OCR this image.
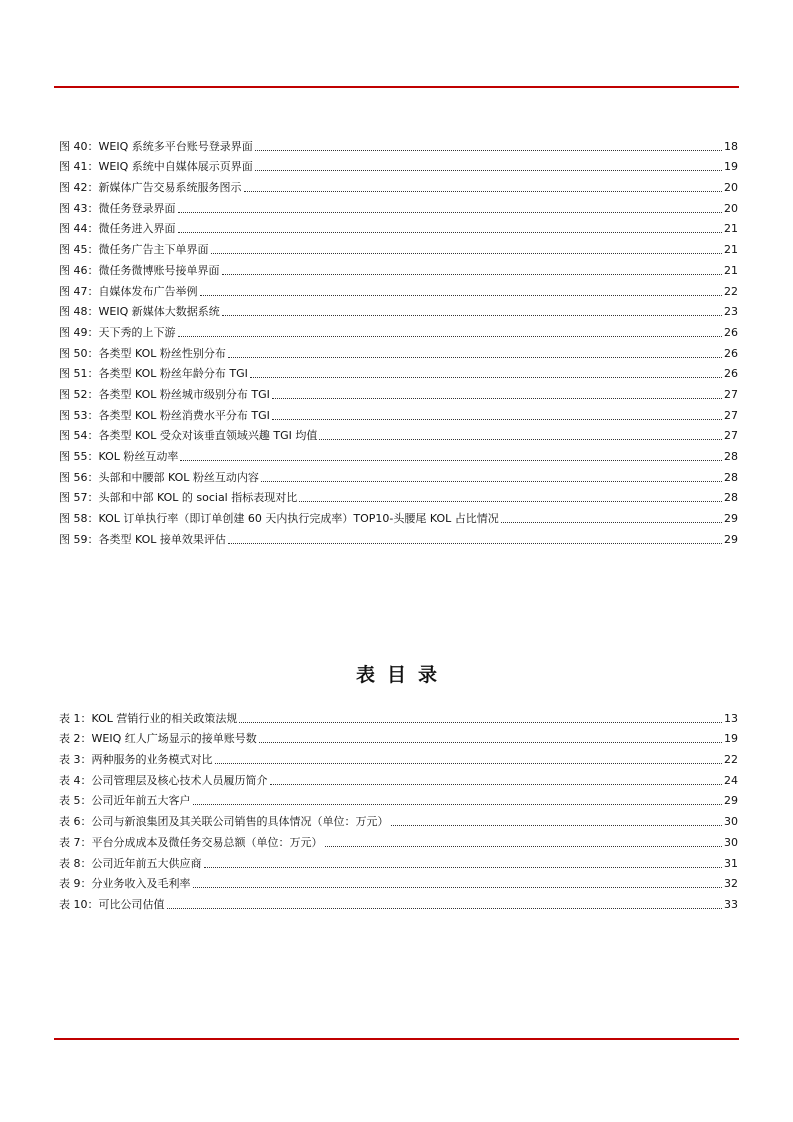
图 40：WEIQ 系统多平台账号登录界面	18
图 41：WEIQ 系统中自媒体展示页界面	19
图 42：新媒体广告交易系统服务图示	20
图 43：微任务登录界面	20
图 44：微任务进入界面	21
图 45：微任务广告主下单界面	21
图 46：微任务微博账号接单界面	21
图 47：自媒体发布广告举例	22
图 48：WEIQ 新媒体大数据系统	23
图 49：天下秀的上下游	26
图 50：各类型 KOL 粉丝性别分布	26
图 51：各类型 KOL 粉丝年龄分布 TGI	26
图 52：各类型 KOL 粉丝城市级别分布 TGI	27
图 53：各类型 KOL 粉丝消费水平分布 TGI	27
图 54：各类型 KOL 受众对该垂直领域兴趣 TGI 均值	27
图 55：KOL 粉丝互动率	28
图 56：头部和中腰部 KOL 粉丝互动内容	28
图 57：头部和中部 KOL 的 social 指标表现对比	28
图 58：KOL 订单执行率（即订单创建 60 天内执行完成率）TOP10-头腰尾 KOL 占比情况	29
图 59：各类型 KOL 接单效果评估	29
表目录
表 1：KOL 营销行业的相关政策法规	13
表 2：WEIQ 红人广场显示的接单账号数	19
表 3：两种服务的业务模式对比	22
表 4：公司管理层及核心技术人员履历简介	24
表 5：公司近年前五大客户	29
表 6：公司与新浪集团及其关联公司销售的具体情况（单位：万元）	30
表 7：平台分成成本及微任务交易总额（单位：万元）	30
表 8：公司近年前五大供应商	31
表 9：分业务收入及毛利率	32
表 10：可比公司估值	33
